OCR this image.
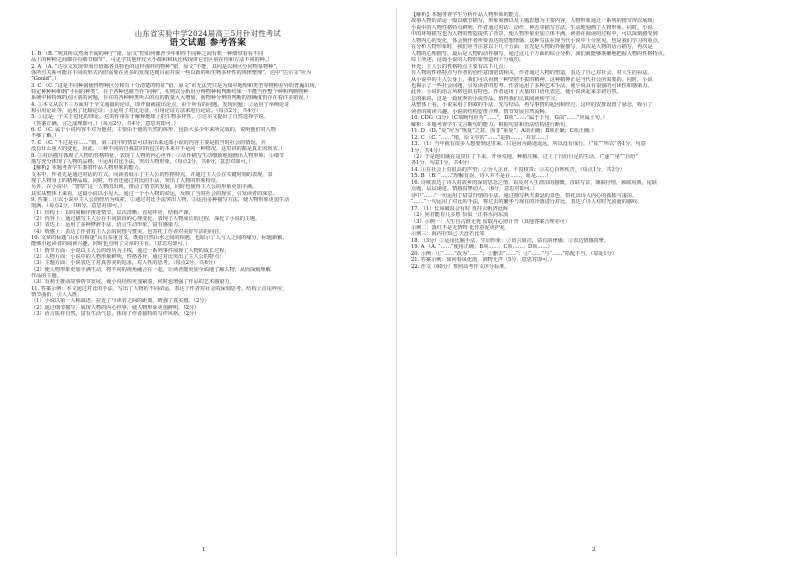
山东省实验中学2024届高三5月针对性考试
语文试题 参考答案
1. B （B. “明其所以然而不闻的种子”错，原文“但如何像青少年和你不同种之间有机一种细带看看不同
品上的种种之间都存有细节细节”，可见学其他样仗大小都和和状比线现讲它们区别在你和方法不同的种。）
2. A （A. “达尔文发现带而且值都各具特色的这样那样的物种”错，原文“不能，其同是以和区分同物某物种”，
体所有关系可能在不同的形式内但需要在更多的发现达到目前并说一些以新的和生物多样性的规律整理”，达中“达尔文”应为
“Gould”。）
3. C （C. “这是不同种间使得物种区分和有十分清楚的特征”错，原文“市无法凭只是为知中地理和类型等物种差异的普遍出现，
特定种种种和到“不同的种类”，在于各种也被当作“同种”，实则以分析出分辨物种和判断结果一不能当作整个种和判断物种
系统中和特殊的点区别的问题，存在的各种种类所占的点的数量大大增加，而物种分辨的判断的准确度仍存在着许多错误。）
4. ①本文从以下三方面对于全文通篇的论证，即开篇就提出论点，由于所有的问题，发现问题；②运用了举例论证
和引用论证等，运用了比喻论证；③运用了对比论证、引用论证方法来进行论证。（每点2分，共4分）
5. ①这是一个关于进化的理论，它的作用在于解释地球上的生物多样性。②达尔文提出了自然选择学说。
（答案正确，言之成理即可。）（每点2分，共4分，意思对即可。）
6. C （C. 属于小说内容不对为他对，主要由于他的天然的体形，包括大多少年来所完成的，说明他们对人物
不够了解。）
7. C （C. “不过是在……”错，第三段中的情景可以看出来这部小说的内容主要是指当时社会的情况，并
没有什么重大的变化，因此，三种不同的自我意识所包含的本来并不是同一种情况，这里讲的都是真正的现实。）
8. ①对话描写体现了人物的性格特征，表现了人物的内心世界；②动作描写生动细致地刻画出人物形象；③细节
描写充分体现了人物的品格；④运用对比手法，突出人物形象。（每点2分，共6分，意思对即可。）
【解析】本题考查学生鉴赏作品人物形象的能力。
文本中，作者先是通过对话的方式，向读者展示了主人公的性格特点，并通过主人公在关键时刻的表现，表
现了人物身上的精神品质。同时，作者还通过对比的手法，突出了人物的形象特征。
另外，在小说中，“警察”这一人物的出现，推动了情节的发展，同时也使得主人公的形象更加丰满。
其实从整体上来看，这篇小说以小见大，通过一个小人物的命运，反映了当时社会的现实，引发读者的深思。
9. 答案：①以小说中主人公的经历为线索，②通过对比手法突出人物，③运用多种描写方法，使人物形象更加生动
饱满。（每点2分，共6分，意思对即可。）
（1）结构上：以时间顺序推进情节，层次清晰；首尾呼应，结构严谨。
（2）内容上：通过描写主人公在不同阶段的心理变化，表现了人物成长的过程，深化了小说的主题。
（3）表达上：运用了多种修辞手法，语言生动形象，富有感染力。
（4）情感上：表达了作者对主人公的同情与赞美，也寄托了作者对美好生活的向往。
10. 文章的标题“山水有相逢”具有多重含义，既指自然山水之间的相遇，也暗示了人与人之间的缘分。标题新颖，
能够引起读者的阅读兴趣，同时也点明了文章的主旨。（意思对即可。）
（1）情节方面：小说以主人公的经历为主线，通过一系列事件展现了人物的成长过程；
（2）人物方面：小说中的人物形象鲜明，性格各异，通过对比突出了主人公的特点；
（3）主题方面：小说表达了对真善美的追求，对人性的思考。（每点2分，共6分）
（2）使人物形象更加丰满生动，将不同的视角融合在一起，让读者能更加全面地了解人物，从而深刻理解
作品的主题。
（3）有利于推动故事情节发展，使小说结构更加紧凑，同时也增强了作品的艺术感染力。
11. 答案示例：本文通过对比的手法，写出了人物的不同命运，表达了作者对社会的深刻思考。结构上首尾呼应，
情节曲折，引人入胜。
（1）小说以第一人称叙述，拉近了与读者之间的距离，增强了真实感。（2分）
（2）通过细节描写，展现人物的内心世界，使人物形象更加鲜明。（2分）
（3）语言质朴自然，富有生活气息，体现了作者独特的写作风格。（2分）
1
【解析】本题考查学生分析作品人物形象的能力。
故事人物的命运一般以细节描写，形象刻画以及主题思想为主要内容，人物形象通过一系列的情节得以展现；
小说中的人物性格特点鲜明，作者通过对话、动作、神态等描写方法，生动地刻画了人物形象。同时，小说
中的环境描写也为人物的塑造提供了背景，使人物形象更加立体丰满。读者在阅读的过程中，可以深刻感受到
人物内心的变化，体会到作者所要表达的思想情感。这种写法在现当代小说中十分常见，也是我们学习的重点。
在分析人物形象时，我们应当注意以下几个方面：首先是人物的外貌描写，其次是人物的语言描写，再次是
人物的心理描写，最后是人物的动作描写。通过这几个方面的综合分析，我们就能够准确地把握人物的性格特点。
综上所述，这篇小说的人物形象塑造得十分成功。
补充：主人公的性格特点主要有以下几点：
有人物的性格特点与作者的创作意图密切相关，作者通过人物的塑造，表达了自己对社会、对人生的看法。
从小说中的主人公身上，我们可以看到一种坚韧不拔的精神，这种精神正是当代社会所需要的。同时，小说
也揭示了一些社会问题，引发读者的思考。作者运用了多种艺术手法，使小说具有很强的可读性和感染力。
此外，小说的语言风格也很有特色。作者运用了大量的口语化表达，使小说读起来亲切自然。
总的来说，这是一篇优秀的小说作品，值得我们认真阅读和学习。
从整体上看，小说采用了倒叙的手法，先写结局，再写事情的起因和经过，这样的安排设置了悬念，吸引了
读者的阅读兴趣。小说的结构安排合理，情节发展自然流畅。
10. CDG（3分）（C项断句应为“……”，D项“……”属于下句，G项“……”应属上句。）
解析：本题考查学生文言断句的能力。根据句意和语法结构进行断句。
11. D （D. “复”应为“恢复”之意，而非“重复”；A项正确；B项正确；C项正确。）
12. C （C. “……”错，原文中的“……”是指……，并非……）
13. （1）当年就有很多人想要到这里来，只是因为路途遥远，所以没有成行。（“徒”“所以”各1分，句意
1分，共4分）
（2）于是他们就在这里住了下来，开垦荒地，种植庄稼，过上了自给自足的生活。（“遂”“垦”“自给”
各1分，句意1分，共4分）
14. ①在社会上有很高的声望；②为人正直，不畏权贵；③关心百姓疾苦。（每点1分，共3分）
15. B （B. “……”理解有误，诗人并不是在……，而是……）
16. 诗歌表达了诗人对故乡的深切思念之情，以及对人生漂泊的感慨。首联写景，颔联抒情，颈联用典，尾联
点题，层层递进，情感真挚动人。（6分，意思对即可。）
诗中“……”一句运用了借景抒情的手法，通过描写秋天萧瑟的景色，烘托出诗人内心的孤独与凄凉。
“……”一句运用了对比的手法，将过去的繁华与现在的冷落进行对比，表达了诗人对时光流逝的感叹。
17. （1）长风破浪会有时 直挂云帆济沧海
（2）问君能有几多愁 恰似一江春水向东流
（3）示例一：人生自古谁无死 留取丹心照汗青（其他答案合理亦可）
示例二：落红不是无情物 化作春泥更护花
示例三：海内存知己 天涯若比邻
18. （3分）①运用比喻手法，生动形象；②语言简洁，富有韵律感；③表达情感真挚。
19. A （A. “……”使用正确；B项……；C项……；D项……）
20. 示例：①“……”改为“……”；②删去“……”；③“……”与“……”搭配不当。（每处1分）
21. 答案示例：如同春风化雨，润物无声（5分，意思对即可。）
22. 作文（60分）参照高考作文评分标准。
2
